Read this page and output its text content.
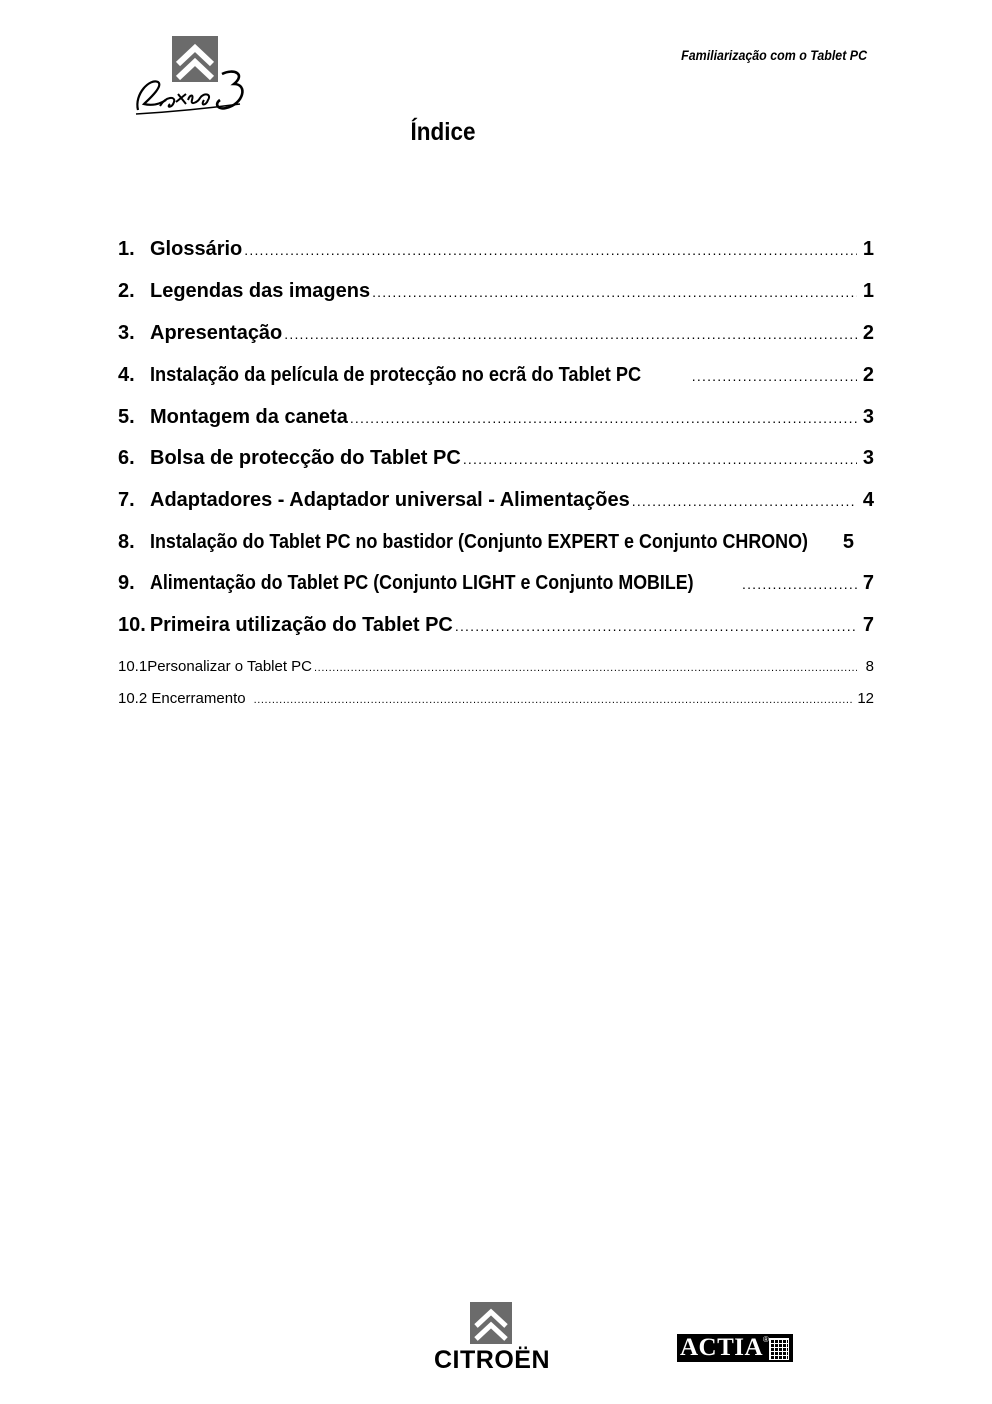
Familiarização com o Tablet PC
Índice
1. Glossário .....	1
2. Legendas das imagens .....	1
3. Apresentação .....	2
4. Instalação da película de protecção no ecrã do Tablet PC .....	2
5. Montagem da caneta .....	3
6. Bolsa de protecção do Tablet PC .....	3
7. Adaptadores - Adaptador universal - Alimentações .....	4
8. Instalação do Tablet PC no bastidor (Conjunto EXPERT e Conjunto CHRONO)	5
9. Alimentação do Tablet PC (Conjunto LIGHT e Conjunto MOBILE) .....	7
10. Primeira utilização do Tablet PC .....	7
10.1Personalizar o Tablet PC .....	8
10.2 Encerramento .....	12
CITROËN	ACTIA ®
